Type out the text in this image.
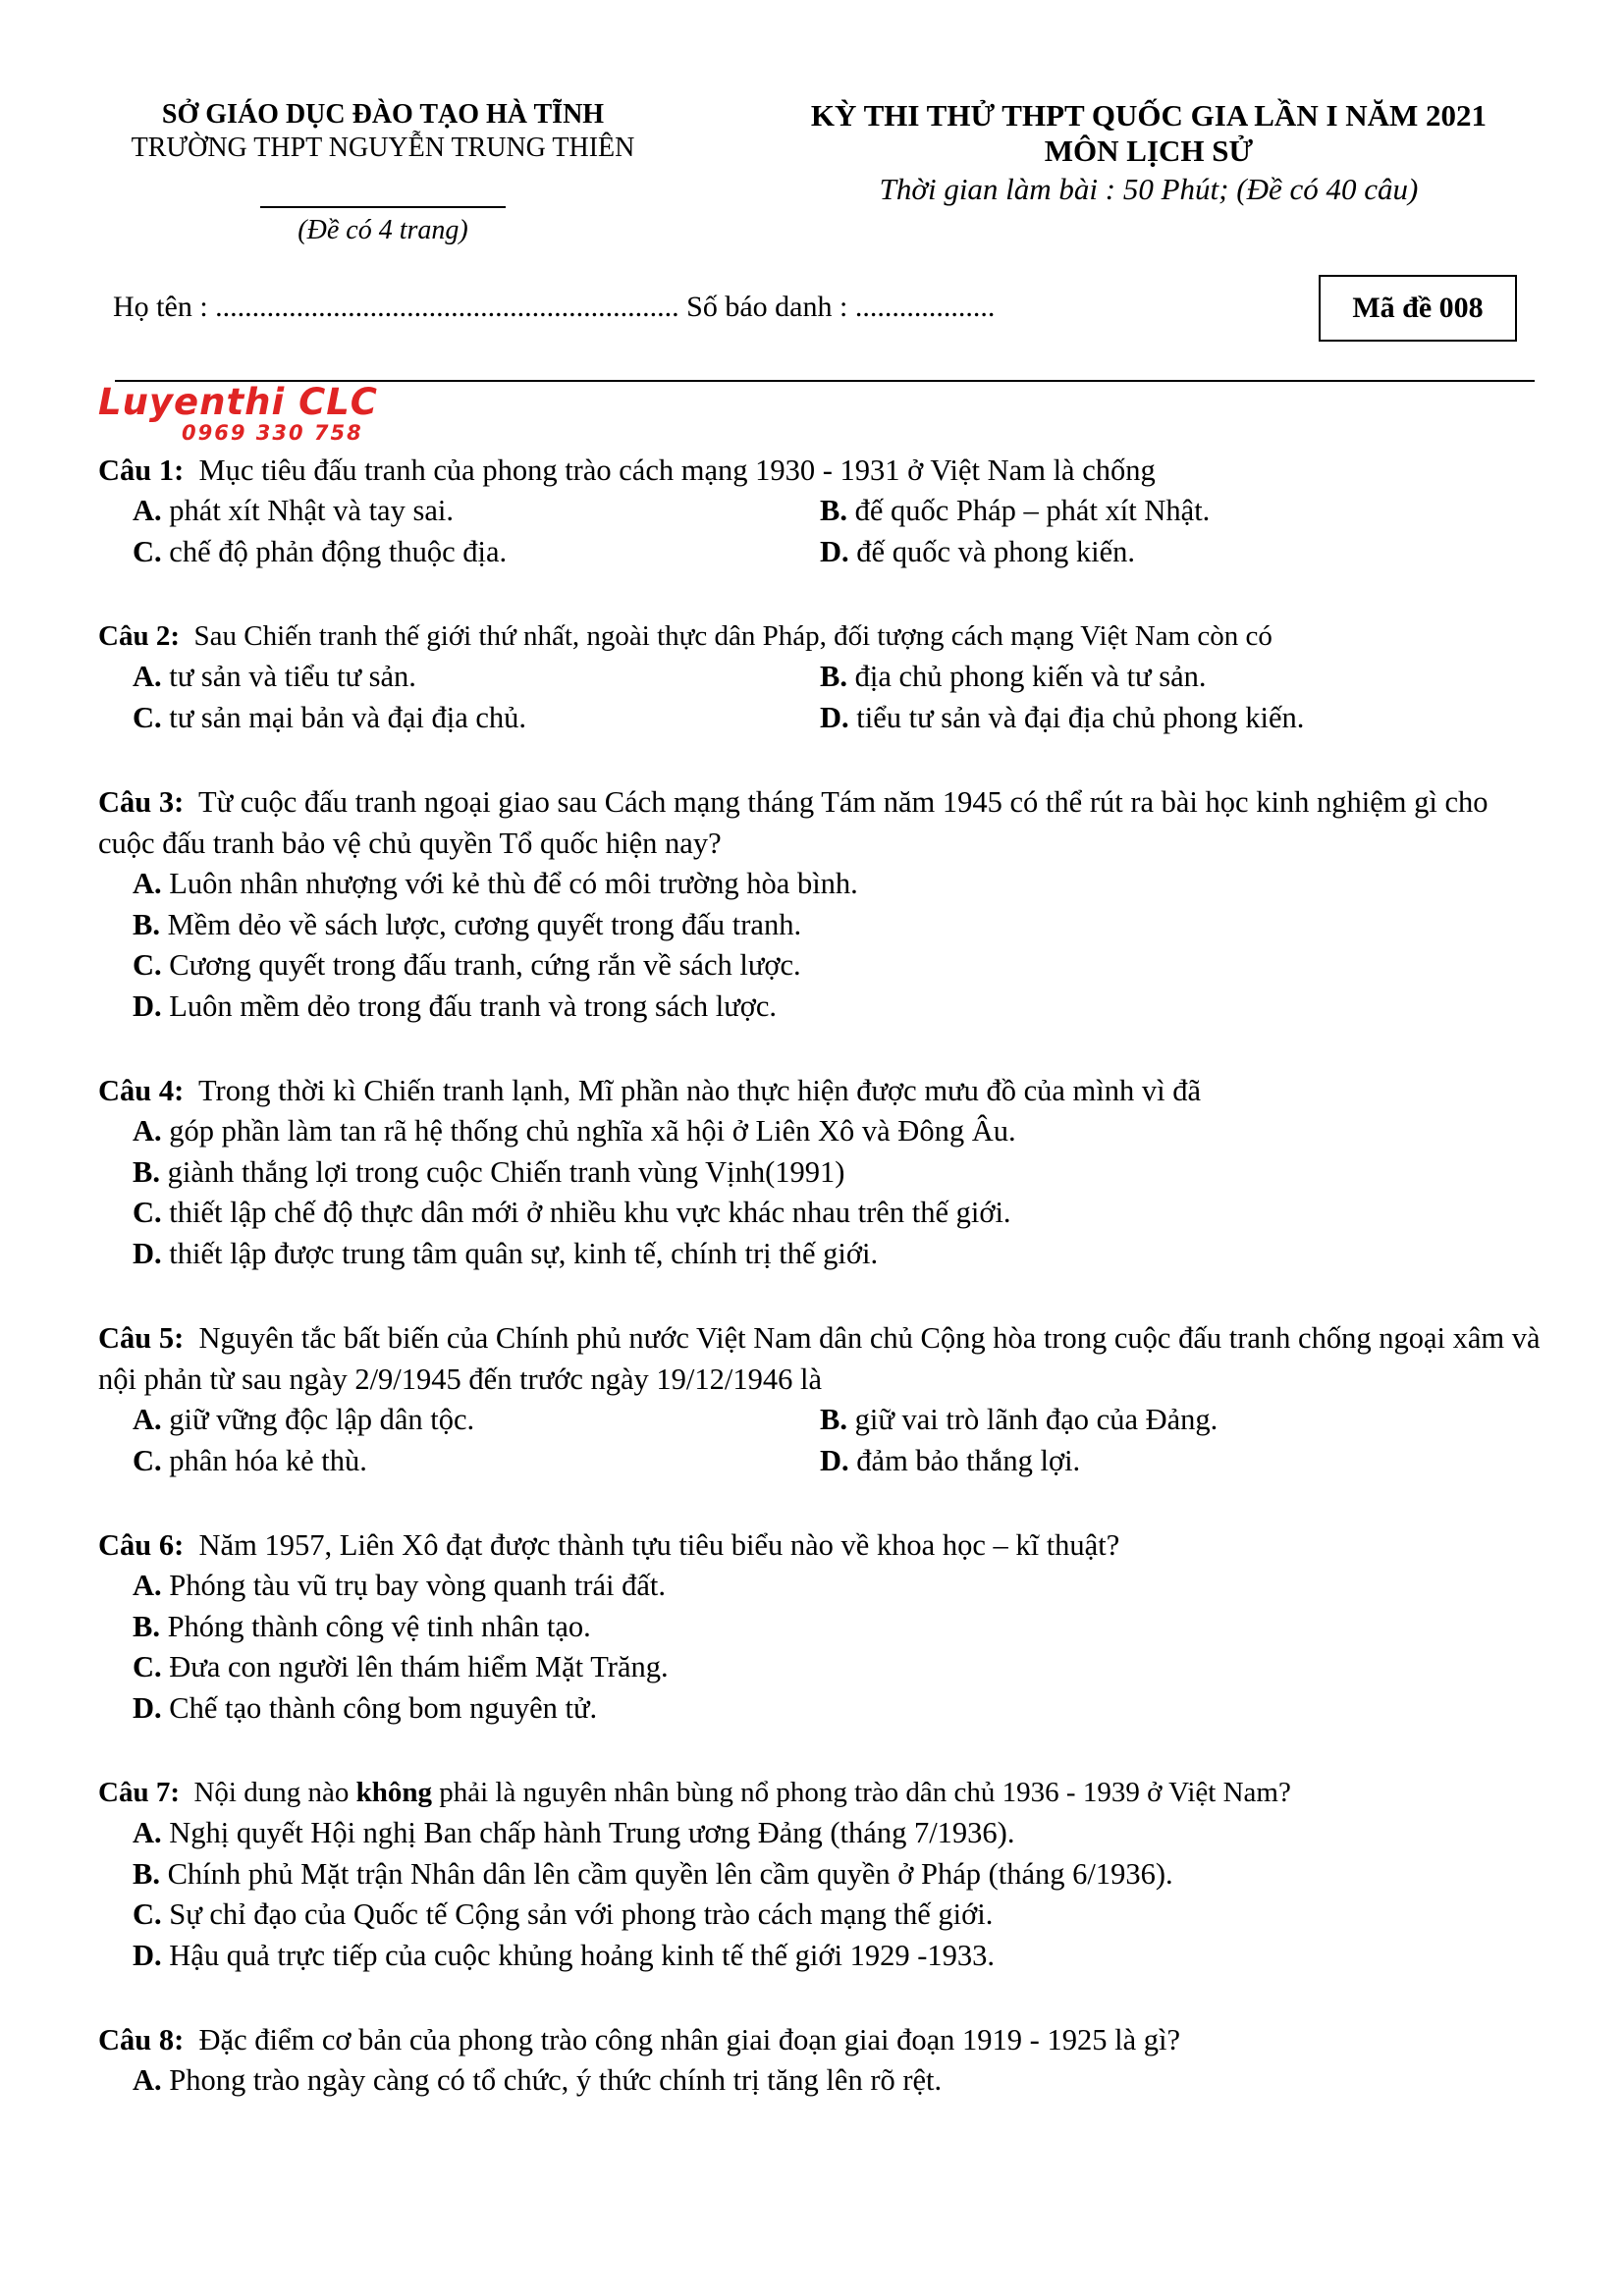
SỞ GIÁO DỤC ĐÀO TẠO HÀ TĨNH
TRƯỜNG THPT NGUYỄN TRUNG THIÊN
(Đề có 4 trang)
KỲ THI THỬ THPT QUỐC GIA LẦN I NĂM 2021
MÔN LỊCH SỬ
Thời gian làm bài : 50 Phút; (Đề có 40 câu)
Họ tên : ............................................................... Số báo danh : ...................	Mã đề 008
Luyenthi CLC
0969 330 758
Câu 1: Mục tiêu đấu tranh của phong trào cách mạng 1930 - 1931 ở Việt Nam là chống
A. phát xít Nhật và tay sai.	B. đế quốc Pháp – phát xít Nhật.
C. chế độ phản động thuộc địa.	D. đế quốc và phong kiến.
Câu 2: Sau Chiến tranh thế giới thứ nhất, ngoài thực dân Pháp, đối tượng cách mạng Việt Nam còn có
A. tư sản và tiểu tư sản.	B. địa chủ phong kiến và tư sản.
C. tư sản mại bản và đại địa chủ.	D. tiểu tư sản và đại địa chủ phong kiến.
Câu 3: Từ cuộc đấu tranh ngoại giao sau Cách mạng tháng Tám năm 1945 có thể rút ra bài học kinh nghiệm gì cho cuộc đấu tranh bảo vệ chủ quyền Tổ quốc hiện nay?
A. Luôn nhân nhượng với kẻ thù để có môi trường hòa bình.
B. Mềm dẻo về sách lược, cương quyết trong đấu tranh.
C. Cương quyết trong đấu tranh, cứng rắn về sách lược.
D. Luôn mềm dẻo trong đấu tranh và trong sách lược.
Câu 4: Trong thời kì Chiến tranh lạnh, Mĩ phần nào thực hiện được mưu đồ của mình vì đã
A. góp phần làm tan rã hệ thống chủ nghĩa xã hội ở Liên Xô và Đông Âu.
B. giành thắng lợi trong cuộc Chiến tranh vùng Vịnh(1991)
C. thiết lập chế độ thực dân mới ở nhiều khu vực khác nhau trên thế giới.
D. thiết lập được trung tâm quân sự, kinh tế, chính trị thế giới.
Câu 5: Nguyên tắc bất biến của Chính phủ nước Việt Nam dân chủ Cộng hòa trong cuộc đấu tranh chống ngoại xâm và nội phản từ sau ngày 2/9/1945 đến trước ngày 19/12/1946 là
A. giữ vững độc lập dân tộc.	B. giữ vai trò lãnh đạo của Đảng.
C. phân hóa kẻ thù.	D. đảm bảo thắng lợi.
Câu 6: Năm 1957, Liên Xô đạt được thành tựu tiêu biểu nào về khoa học – kĩ thuật?
A. Phóng tàu vũ trụ bay vòng quanh trái đất.
B. Phóng thành công vệ tinh nhân tạo.
C. Đưa con người lên thám hiểm Mặt Trăng.
D. Chế tạo thành công bom nguyên tử.
Câu 7: Nội dung nào không phải là nguyên nhân bùng nổ phong trào dân chủ 1936 - 1939 ở Việt Nam?
A. Nghị quyết Hội nghị Ban chấp hành Trung ương Đảng (tháng 7/1936).
B. Chính phủ Mặt trận Nhân dân lên cầm quyền lên cầm quyền ở Pháp (tháng 6/1936).
C. Sự chỉ đạo của Quốc tế Cộng sản với phong trào cách mạng thế giới.
D. Hậu quả trực tiếp của cuộc khủng hoảng kinh tế thế giới 1929 -1933.
Câu 8: Đặc điểm cơ bản của phong trào công nhân giai đoạn giai đoạn 1919 - 1925 là gì?
A. Phong trào ngày càng có tổ chức, ý thức chính trị tăng lên rõ rệt.
